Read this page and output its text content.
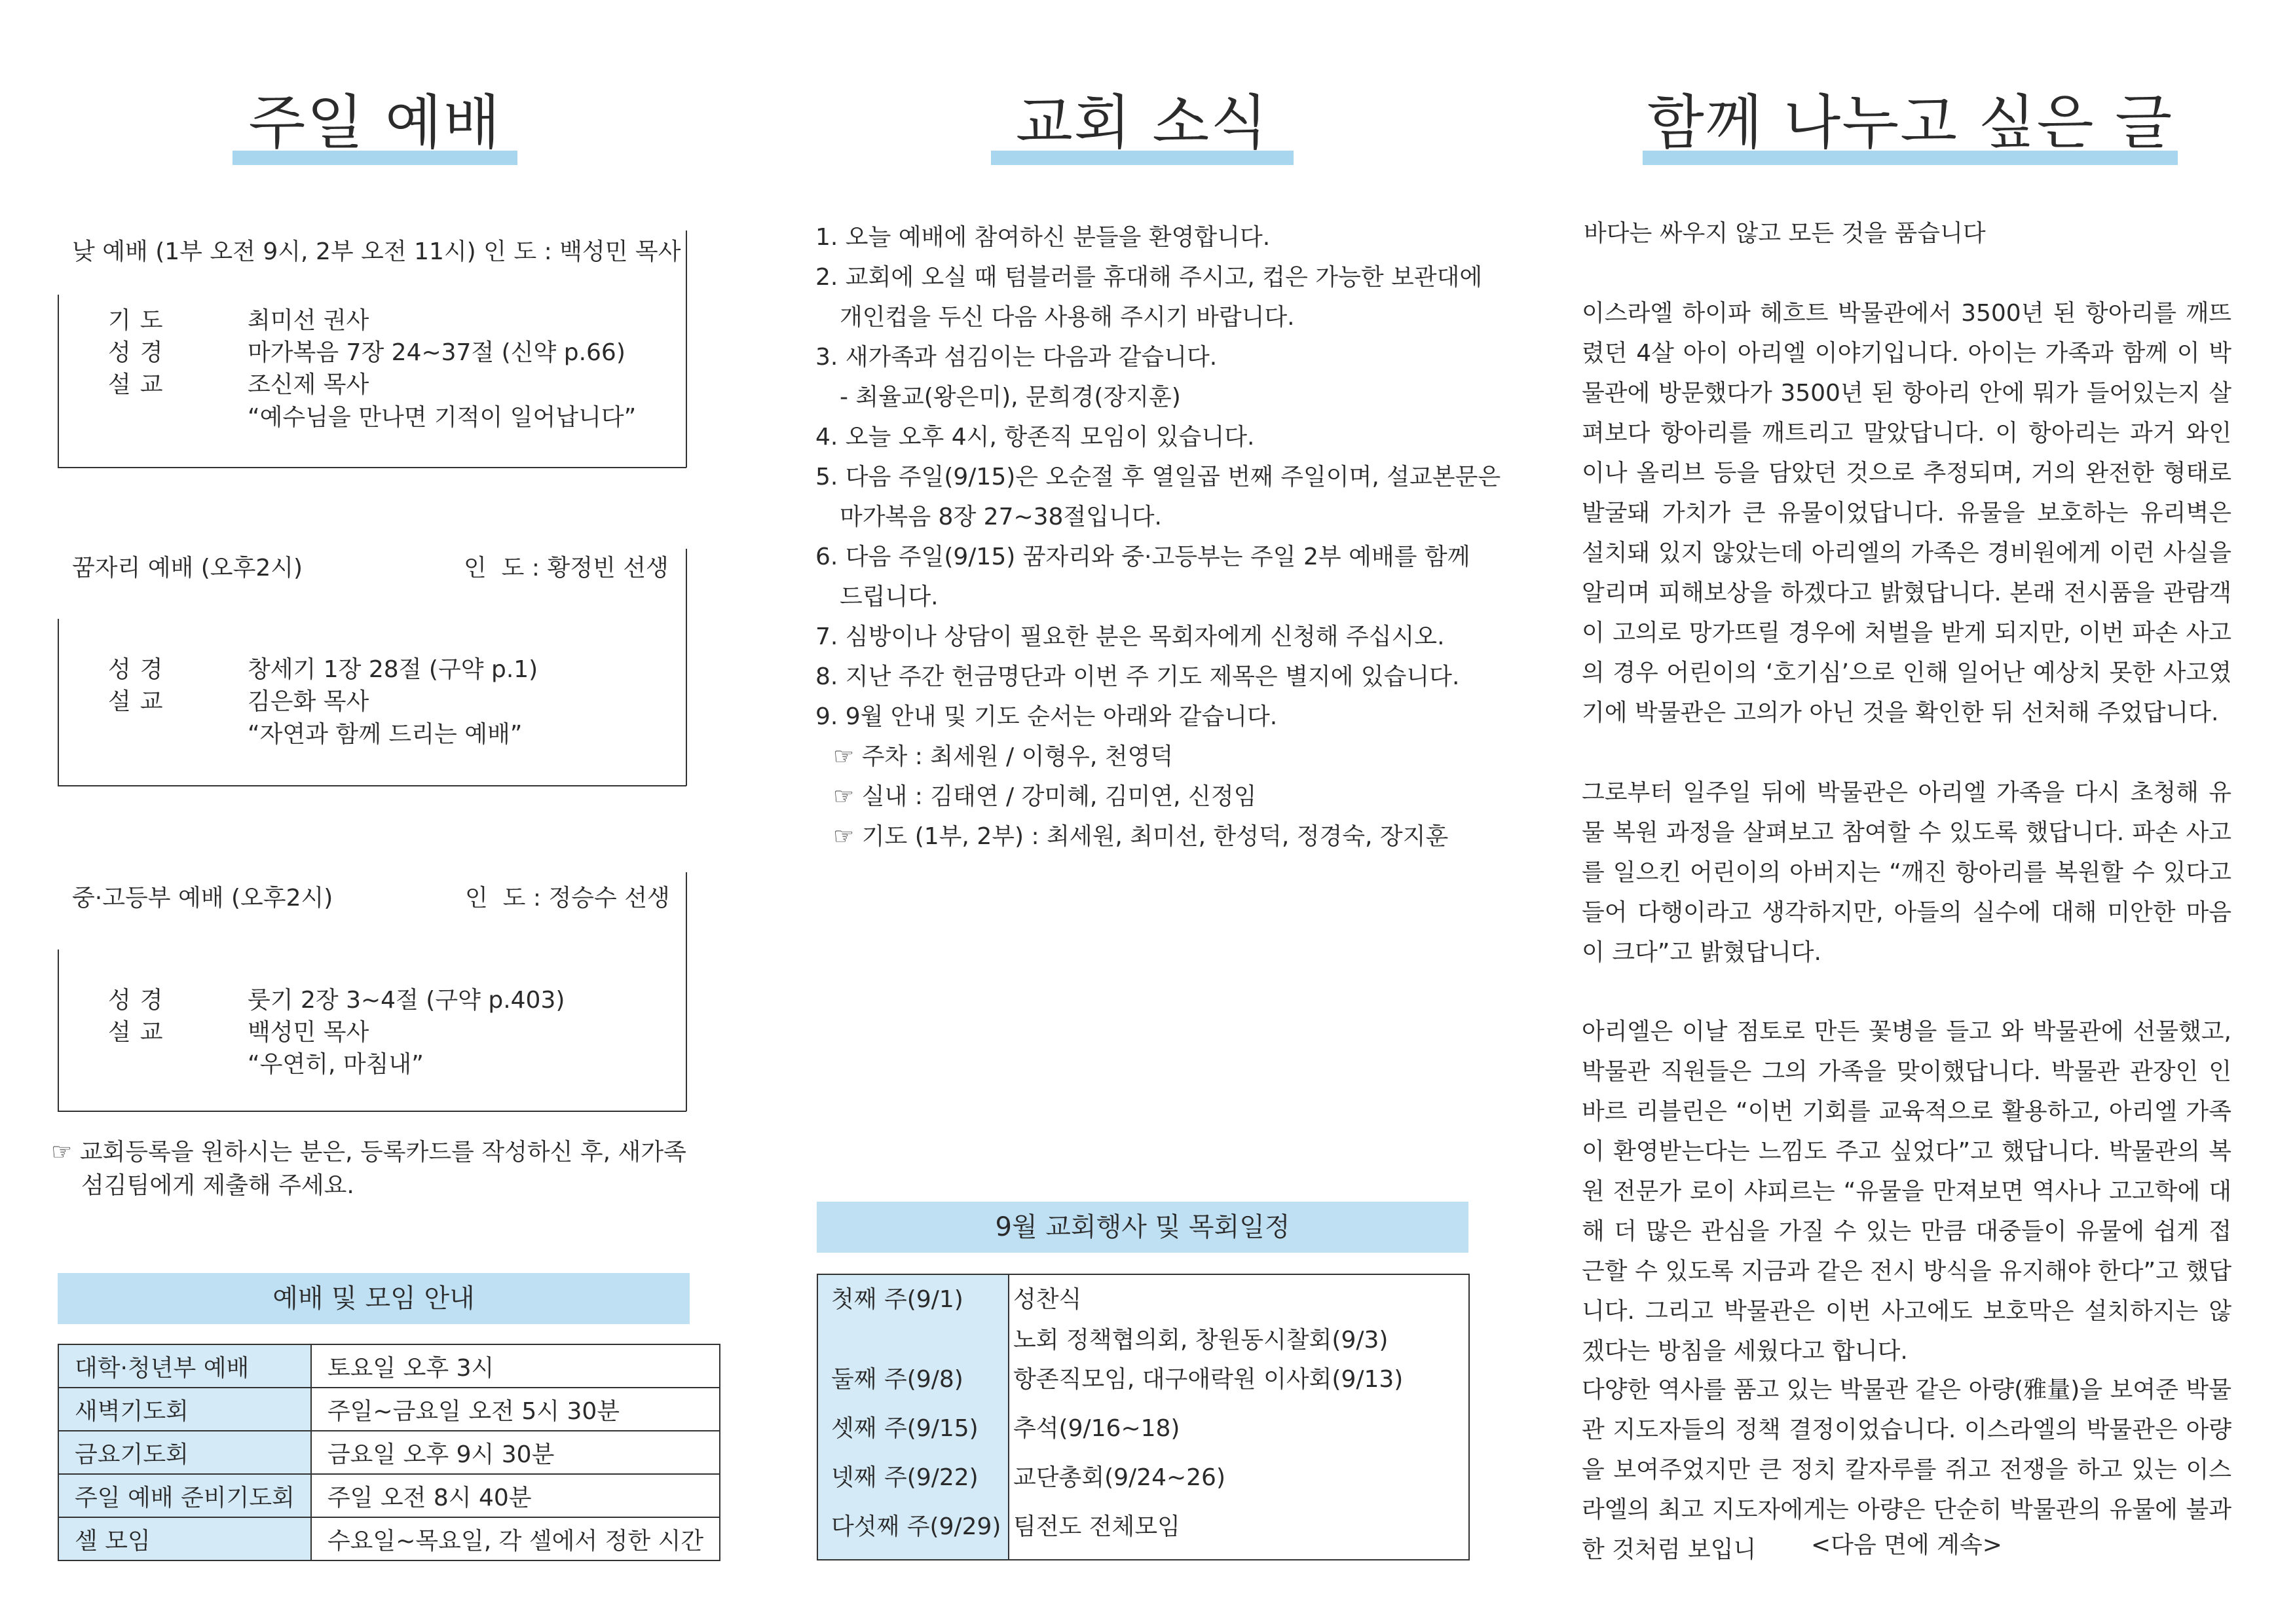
주일 예배
낮 예배 (1부 오전 9시, 2부 오전 11시) 인 도 : 백성민 목사
기도	최미선 권사
성경	마가복음 7장 24~37절 (신약 p.66)
설교	조신제 목사
“예수님을 만나면 기적이 일어납니다”
꿈자리 예배 (오후2시)	인  도 : 황정빈 선생
성경	창세기 1장 28절 (구약 p.1)
설교	김은화 목사
“자연과 함께 드리는 예배”
중·고등부 예배 (오후2시)	인  도 : 정승수 선생
성경	룻기 2장 3~4절 (구약 p.403)
설교	백성민 목사
“우연히, 마침내”
☞ 교회등록을 원하시는 분은, 등록카드를 작성하신 후, 새가족
섬김팀에게 제출해 주세요.
예배 및 모임 안내
대학·청년부 예배	토요일 오후 3시
새벽기도회	주일~금요일 오전 5시 30분
금요기도회	금요일 오후 9시 30분
주일 예배 준비기도회	주일 오전 8시 40분
셀 모임	수요일~목요일, 각 셀에서 정한 시간
교회 소식
1. 오늘 예배에 참여하신 분들을 환영합니다.
2. 교회에 오실 때 텀블러를 휴대해 주시고, 컵은 가능한 보관대에
개인컵을 두신 다음 사용해 주시기 바랍니다.
3. 새가족과 섬김이는 다음과 같습니다.
- 최율교(왕은미), 문희경(장지훈)
4. 오늘 오후 4시, 항존직 모임이 있습니다.
5. 다음 주일(9/15)은 오순절 후 열일곱 번째 주일이며, 설교본문은
마가복음 8장 27~38절입니다.
6. 다음 주일(9/15) 꿈자리와 중·고등부는 주일 2부 예배를 함께
드립니다.
7. 심방이나 상담이 필요한 분은 목회자에게 신청해 주십시오.
8. 지난 주간 헌금명단과 이번 주 기도 제목은 별지에 있습니다.
9. 9월 안내 및 기도 순서는 아래와 같습니다.
☞ 주차 : 최세원 / 이형우, 천영덕
☞ 실내 : 김태연 / 강미혜, 김미연, 신정임
☞ 기도 (1부, 2부) : 최세원, 최미선, 한성덕, 정경숙, 장지훈
9월 교회행사 및 목회일정
첫째 주(9/1) 성찬식
노회 정책협의회, 창원동시찰회(9/3)
둘째 주(9/8) 항존직모임, 대구애락원 이사회(9/13)
셋째 주(9/15) 추석(9/16~18)
넷째 주(9/22) 교단총회(9/24~26)
다섯째 주(9/29) 팀전도 전체모임
함께 나누고 싶은 글
바다는 싸우지 않고 모든 것을 품습니다
이스라엘 하이파 헤흐트 박물관에서 3500년 된 항아리를 깨뜨렸던 4살 아이 아리엘 이야기입니다. 아이는 가족과 함께 이 박물관에 방문했다가 3500년 된 항아리 안에 뭐가 들어있는지 살펴보다 항아리를 깨트리고 말았답니다. 이 항아리는 과거 와인이나 올리브 등을 담았던 것으로 추정되며, 거의 완전한 형태로 발굴돼 가치가 큰 유물이었답니다. 유물을 보호하는 유리벽은 설치돼 있지 않았는데 아리엘의 가족은 경비원에게 이런 사실을 알리며 피해보상을 하겠다고 밝혔답니다. 본래 전시품을 관람객이 고의로 망가뜨릴 경우에 처벌을 받게 되지만, 이번 파손 사고의 경우 어린이의 ‘호기심’으로 인해 일어난 예상치 못한 사고였기에 박물관은 고의가 아닌 것을 확인한 뒤 선처해 주었답니다.
그로부터 일주일 뒤에 박물관은 아리엘 가족을 다시 초청해 유물 복원 과정을 살펴보고 참여할 수 있도록 했답니다. 파손 사고를 일으킨 어린이의 아버지는 “깨진 항아리를 복원할 수 있다고 들어 다행이라고 생각하지만, 아들의 실수에 대해 미안한 마음이 크다”고 밝혔답니다.
아리엘은 이날 점토로 만든 꽃병을 들고 와 박물관에 선물했고, 박물관 직원들은 그의 가족을 맞이했답니다. 박물관 관장인 인바르 리블린은 “이번 기회를 교육적으로 활용하고, 아리엘 가족이 환영받는다는 느낌도 주고 싶었다”고 했답니다. 박물관의 복원 전문가 로이 샤피르는 “유물을 만져보면 역사나 고고학에 대해 더 많은 관심을 가질 수 있는 만큼 대중들이 유물에 쉽게 접근할 수 있도록 지금과 같은 전시 방식을 유지해야 한다”고 했답니다. 그리고 박물관은 이번 사고에도 보호막은 설치하지는 않겠다는 방침을 세웠다고 합니다.
다양한 역사를 품고 있는 박물관 같은 아량(雅量)을 보여준 박물관 지도자들의 정책 결정이었습니다. 이스라엘의 박물관은 아량을 보여주었지만 큰 정치 칼자루를 쥐고 전쟁을 하고 있는 이스라엘의 최고 지도자에게는 아량은 단순히 박물관의 유물에 불과한 것처럼 보입니	<다음 면에 계속>
